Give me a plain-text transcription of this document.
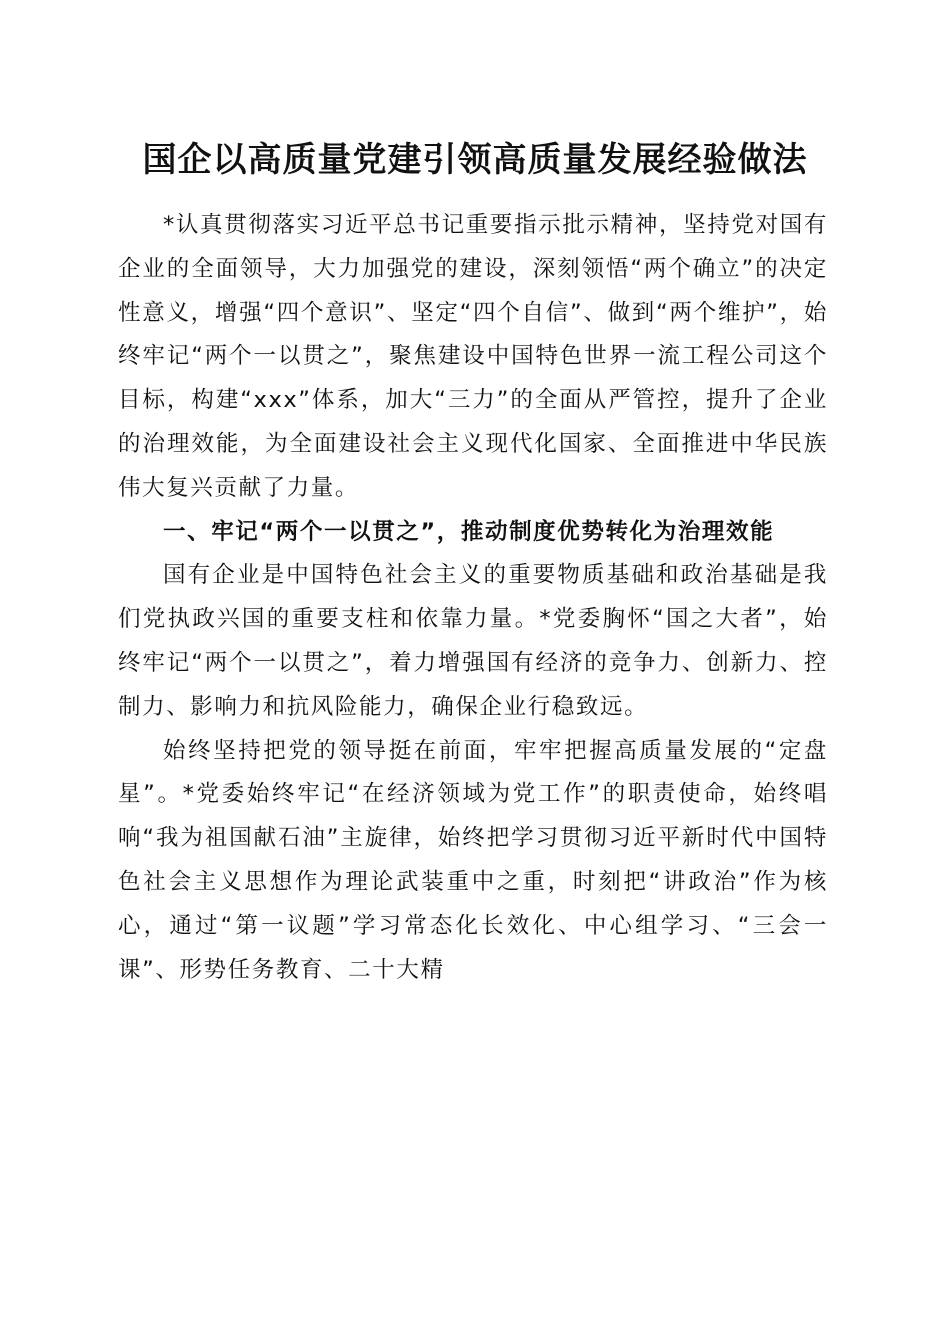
国企以高质量党建引领高质量发展经验做法

*认真贯彻落实习近平总书记重要指示批示精神，坚持党对国有企业的全面领导，大力加强党的建设，深刻领悟“两个确立”的决定性意义，增强“四个意识”、坚定“四个自信”、做到“两个维护”，始终牢记“两个一以贯之”，聚焦建设中国特色世界一流工程公司这个目标，构建“xxx”体系，加大“三力”的全面从严管控，提升了企业的治理效能，为全面建设社会主义现代化国家、全面推进中华民族伟大复兴贡献了力量。

一、牢记“两个一以贯之”，推动制度优势转化为治理效能

国有企业是中国特色社会主义的重要物质基础和政治基础是我们党执政兴国的重要支柱和依靠力量。*党委胸怀“国之大者”，始终牢记“两个一以贯之”，着力增强国有经济的竞争力、创新力、控制力、影响力和抗风险能力，确保企业行稳致远。

始终坚持把党的领导挺在前面，牢牢把握高质量发展的“定盘星”。*党委始终牢记“在经济领域为党工作”的职责使命，始终唱响“我为祖国献石油”主旋律，始终把学习贯彻习近平新时代中国特色社会主义思想作为理论武装重中之重，时刻把“讲政治”作为核心，通过“第一议题”学习常态化长效化、中心组学习、“三会一课”、形势任务教育、二十大精
